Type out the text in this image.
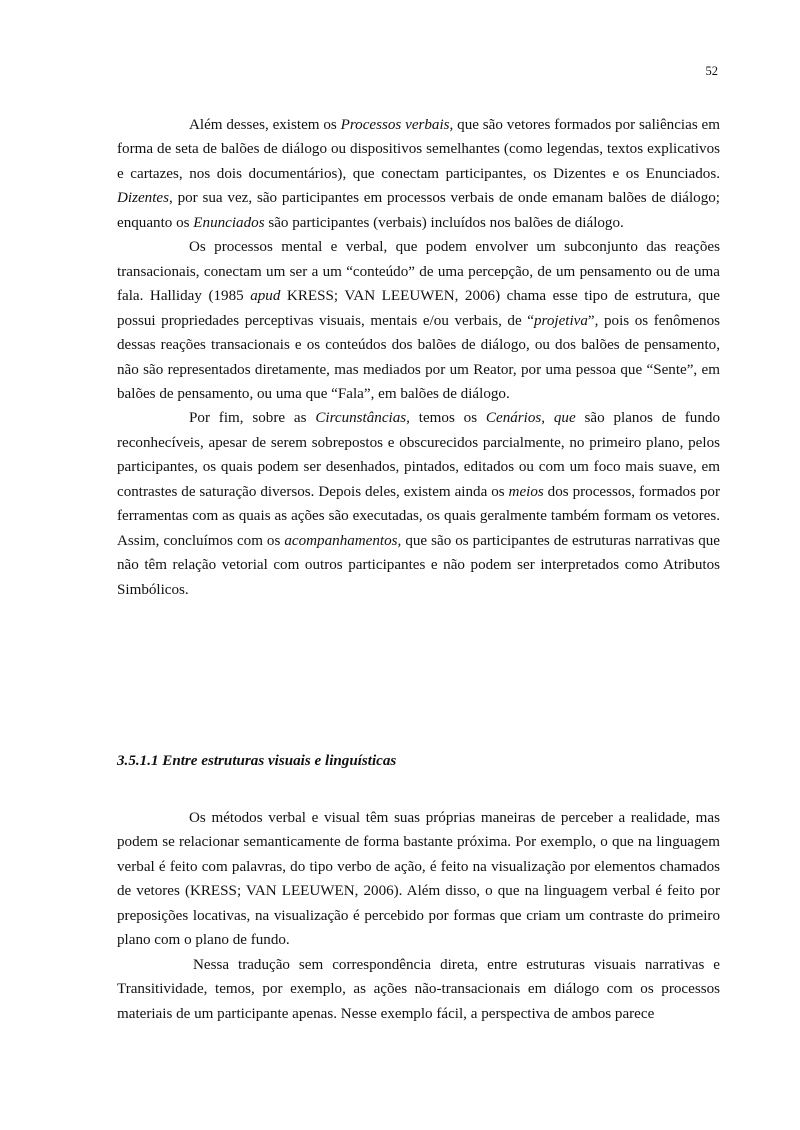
52

Além desses, existem os Processos verbais, que são vetores formados por saliências em forma de seta de balões de diálogo ou dispositivos semelhantes (como legendas, textos explicativos e cartazes, nos dois documentários), que conectam participantes, os Dizentes e os Enunciados. Dizentes, por sua vez, são participantes em processos verbais de onde emanam balões de diálogo; enquanto os Enunciados são participantes (verbais) incluídos nos balões de diálogo.

Os processos mental e verbal, que podem envolver um subconjunto das reações transacionais, conectam um ser a um “conteúdo” de uma percepção, de um pensamento ou de uma fala. Halliday (1985 apud KRESS; VAN LEEUWEN, 2006) chama esse tipo de estrutura, que possui propriedades perceptivas visuais, mentais e/ou verbais, de “projetiva”, pois os fenômenos dessas reações transacionais e os conteúdos dos balões de diálogo, ou dos balões de pensamento, não são representados diretamente, mas mediados por um Reator, por uma pessoa que “Sente”, em balões de pensamento, ou uma que “Fala”, em balões de diálogo.

Por fim, sobre as Circunstâncias, temos os Cenários, que são planos de fundo reconhecíveis, apesar de serem sobrepostos e obscurecidos parcialmente, no primeiro plano, pelos participantes, os quais podem ser desenhados, pintados, editados ou com um foco mais suave, em contrastes de saturação diversos. Depois deles, existem ainda os meios dos processos, formados por ferramentas com as quais as ações são executadas, os quais geralmente também formam os vetores. Assim, concluímos com os acompanhamentos, que são os participantes de estruturas narrativas que não têm relação vetorial com outros participantes e não podem ser interpretados como Atributos Simbólicos.

3.5.1.1 Entre estruturas visuais e linguísticas

Os métodos verbal e visual têm suas próprias maneiras de perceber a realidade, mas podem se relacionar semanticamente de forma bastante próxima. Por exemplo, o que na linguagem verbal é feito com palavras, do tipo verbo de ação, é feito na visualização por elementos chamados de vetores (KRESS; VAN LEEUWEN, 2006). Além disso, o que na linguagem verbal é feito por preposições locativas, na visualização é percebido por formas que criam um contraste do primeiro plano com o plano de fundo.

Nessa tradução sem correspondência direta, entre estruturas visuais narrativas e Transitividade, temos, por exemplo, as ações não-transacionais em diálogo com os processos materiais de um participante apenas. Nesse exemplo fácil, a perspectiva de ambos parece
